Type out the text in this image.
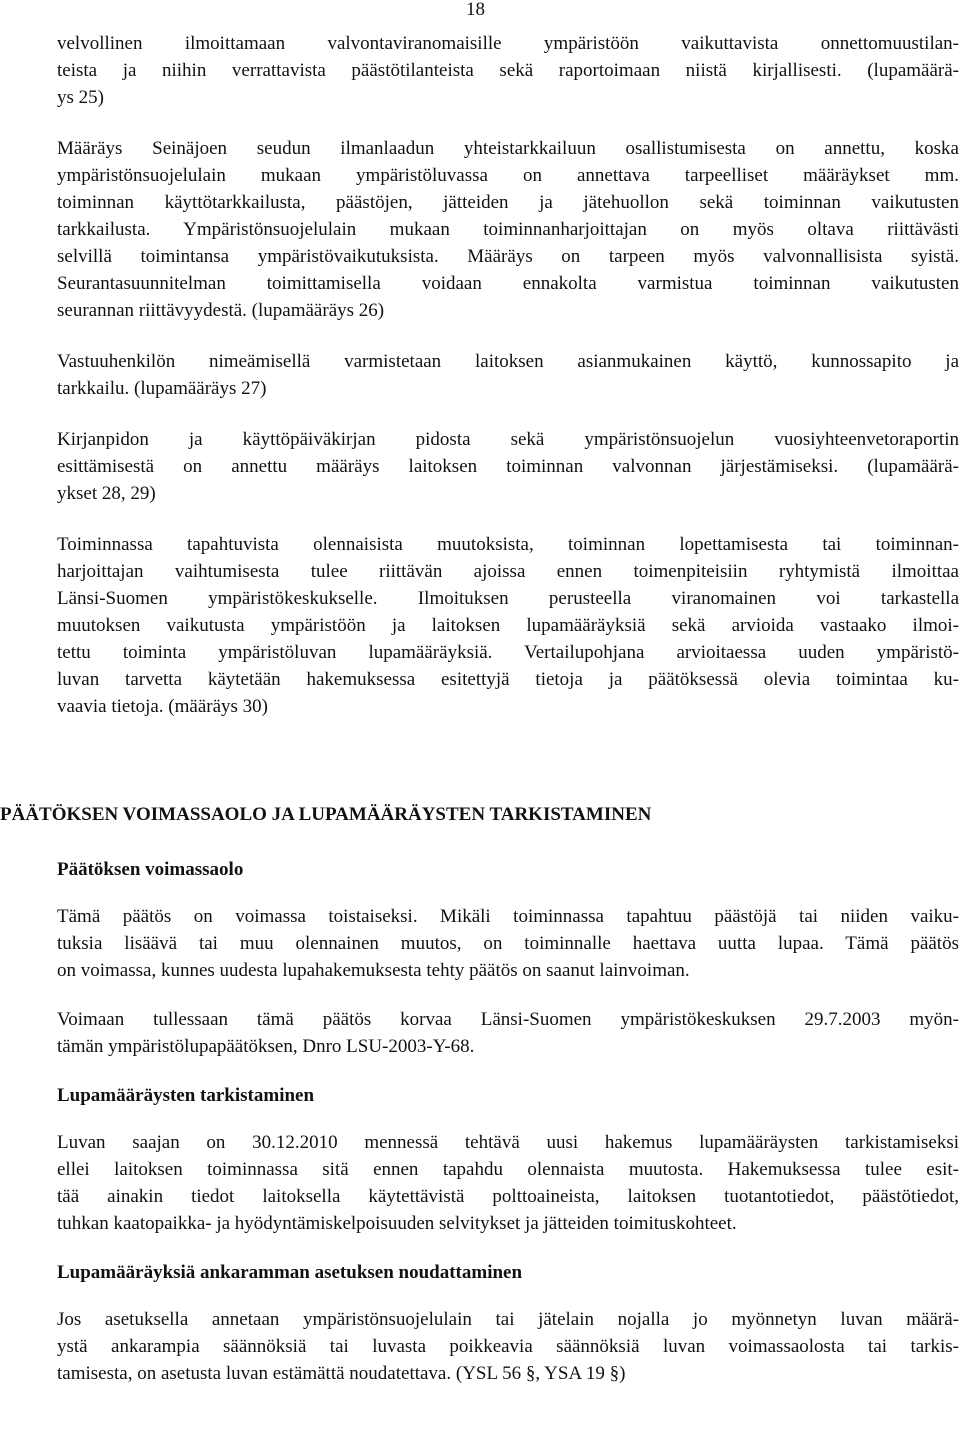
18
velvollinen ilmoittamaan valvontaviranomaisille ympäristöön vaikuttavista onnettomuustilan-
teista ja niihin verrattavista päästötilanteista sekä raportoimaan niistä kirjallisesti. (lupamäärä-
ys 25)
Määräys Seinäjoen seudun ilmanlaadun yhteistarkkailuun osallistumisesta on annettu, koska
ympäristönsuojelulain mukaan ympäristöluvassa on annettava tarpeelliset määräykset mm.
toiminnan käyttötarkkailusta, päästöjen, jätteiden ja jätehuollon sekä toiminnan vaikutusten
tarkkailusta. Ympäristönsuojelulain mukaan toiminnanharjoittajan on myös oltava riittävästi
selvillä toimintansa ympäristövaikutuksista. Määräys on tarpeen myös valvonnallisista syistä.
Seurantasuunnitelman toimittamisella voidaan ennakolta varmistua toiminnan vaikutusten
seurannan riittävyydestä. (lupamääräys 26)
Vastuuhenkilön nimeämisellä varmistetaan laitoksen asianmukainen käyttö, kunnossapito ja
tarkkailu. (lupamääräys 27)
Kirjanpidon ja käyttöpäiväkirjan pidosta sekä ympäristönsuojelun vuosiyhteenvetoraportin
esittämisestä on annettu määräys laitoksen toiminnan valvonnan järjestämiseksi. (lupamäärä-
ykset 28, 29)
Toiminnassa tapahtuvista olennaisista muutoksista, toiminnan lopettamisesta tai toiminnan-
harjoittajan vaihtumisesta tulee riittävän ajoissa ennen toimenpiteisiin ryhtymistä ilmoittaa
Länsi-Suomen ympäristökeskukselle. Ilmoituksen perusteella viranomainen voi tarkastella
muutoksen vaikutusta ympäristöön ja laitoksen lupamääräyksiä sekä arvioida vastaako ilmoi-
tettu toiminta ympäristöluvan lupamääräyksiä. Vertailupohjana arvioitaessa uuden ympäristö-
luvan tarvetta käytetään hakemuksessa esitettyjä tietoja ja päätöksessä olevia toimintaa ku-
vaavia tietoja. (määräys 30)
PÄÄTÖKSEN VOIMASSAOLO JA LUPAMÄÄRÄYSTEN TARKISTAMINEN
Päätöksen voimassaolo
Tämä päätös on voimassa toistaiseksi. Mikäli toiminnassa tapahtuu päästöjä tai niiden vaiku-
tuksia lisäävä tai muu olennainen muutos, on toiminnalle haettava uutta lupaa. Tämä päätös
on voimassa, kunnes uudesta lupahakemuksesta tehty päätös on saanut lainvoiman.
Voimaan tullessaan tämä päätös korvaa Länsi-Suomen ympäristökeskuksen 29.7.2003 myön-
tämän ympäristölupapäätöksen, Dnro LSU-2003-Y-68.
Lupamääräysten tarkistaminen
Luvan saajan on 30.12.2010 mennessä tehtävä uusi hakemus lupamääräysten tarkistamiseksi
ellei laitoksen toiminnassa sitä ennen tapahdu olennaista muutosta. Hakemuksessa tulee esit-
tää ainakin tiedot laitoksella käytettävistä polttoaineista, laitoksen tuotantotiedot, päästötiedot,
tuhkan kaatopaikka- ja hyödyntämiskelpoisuuden selvitykset ja jätteiden toimituskohteet.
Lupamääräyksiä ankaramman asetuksen noudattaminen
Jos asetuksella annetaan ympäristönsuojelulain tai jätelain nojalla jo myönnetyn luvan määrä-
ystä ankarampia säännöksiä tai luvasta poikkeavia säännöksiä luvan voimassaolosta tai tarkis-
tamisesta, on asetusta luvan estämättä noudatettava. (YSL 56 §, YSA 19 §)
